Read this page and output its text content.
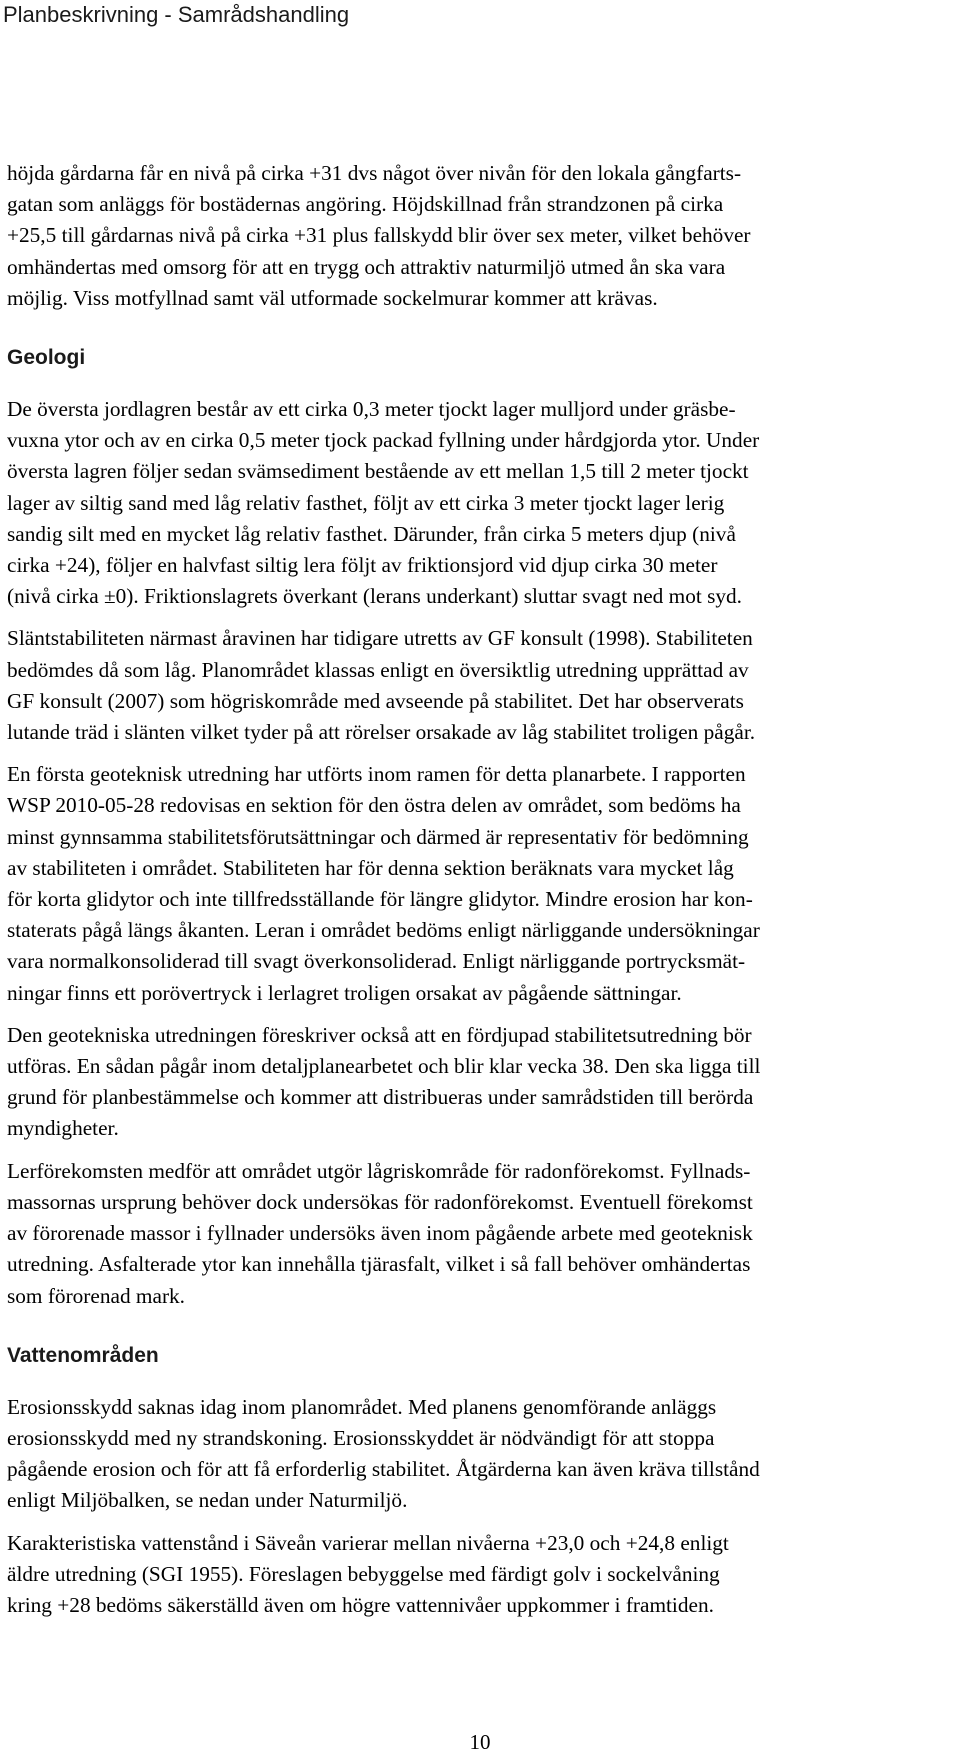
Planbeskrivning - Samrådshandling

höjda gårdarna får en nivå på cirka +31 dvs något över nivån för den lokala gångfarts-
gatan som anläggs för bostädernas angöring. Höjdskillnad från strandzonen på cirka
+25,5 till gårdarnas nivå på cirka +31 plus fallskydd blir över sex meter, vilket behöver
omhändertas med omsorg för att en trygg och attraktiv naturmiljö utmed ån ska vara
möjlig. Viss motfyllnad samt väl utformade sockelmurar kommer att krävas.

Geologi

De översta jordlagren består av ett cirka 0,3 meter tjockt lager mulljord under gräsbe-
vuxna ytor och av en cirka 0,5 meter tjock packad fyllning under hårdgjorda ytor. Under
översta lagren följer sedan svämsediment bestående av ett mellan 1,5 till 2 meter tjockt
lager av siltig sand med låg relativ fasthet, följt av ett cirka 3 meter tjockt lager lerig
sandig silt med en mycket låg relativ fasthet. Därunder, från cirka 5 meters djup (nivå
cirka +24), följer en halvfast siltig lera följt av friktionsjord vid djup cirka 30 meter
(nivå cirka ±0). Friktionslagrets överkant (lerans underkant) sluttar svagt ned mot syd.

Släntstabiliteten närmast åravinen har tidigare utretts av GF konsult (1998). Stabiliteten
bedömdes då som låg. Planområdet klassas enligt en översiktlig utredning upprättad av
GF konsult (2007) som högriskområde med avseende på stabilitet. Det har observerats
lutande träd i slänten vilket tyder på att rörelser orsakade av låg stabilitet troligen pågår.

En första geoteknisk utredning har utförts inom ramen för detta planarbete. I rapporten
WSP 2010-05-28 redovisas en sektion för den östra delen av området, som bedöms ha
minst gynnsamma stabilitetsförutsättningar och därmed är representativ för bedömning
av stabiliteten i området. Stabiliteten har för denna sektion beräknats vara mycket låg
för korta glidytor och inte tillfredsställande för längre glidytor. Mindre erosion har kon-
staterats pågå längs åkanten. Leran i området bedöms enligt närliggande undersökningar
vara normalkonsoliderad till svagt överkonsoliderad. Enligt närliggande portrycksmät-
ningar finns ett porövertryck i lerlagret troligen orsakat av pågående sättningar.

Den geotekniska utredningen föreskriver också att en fördjupad stabilitetsutredning bör
utföras. En sådan pågår inom detaljplanearbetet och blir klar vecka 38. Den ska ligga till
grund för planbestämmelse och kommer att distribueras under samrådstiden till berörda
myndigheter.

Lerförekomsten medför att området utgör lågriskområde för radonförekomst. Fyllnads-
massornas ursprung behöver dock undersökas för radonförekomst. Eventuell förekomst
av förorenade massor i fyllnader undersöks även inom pågående arbete med geoteknisk
utredning. Asfalterade ytor kan innehålla tjärasfalt, vilket i så fall behöver omhändertas
som förorenad mark.

Vattenområden

Erosionsskydd saknas idag inom planområdet. Med planens genomförande anläggs
erosionsskydd med ny strandskoning. Erosionsskyddet är nödvändigt för att stoppa
pågående erosion och för att få erforderlig stabilitet. Åtgärderna kan även kräva tillstånd
enligt Miljöbalken, se nedan under Naturmiljö.

Karakteristiska vattenstånd i Säveån varierar mellan nivåerna +23,0 och +24,8 enligt
äldre utredning (SGI 1955). Föreslagen bebyggelse med färdigt golv i sockelvåning
kring +28 bedöms säkerställd även om högre vattennivåer uppkommer i framtiden.

10
